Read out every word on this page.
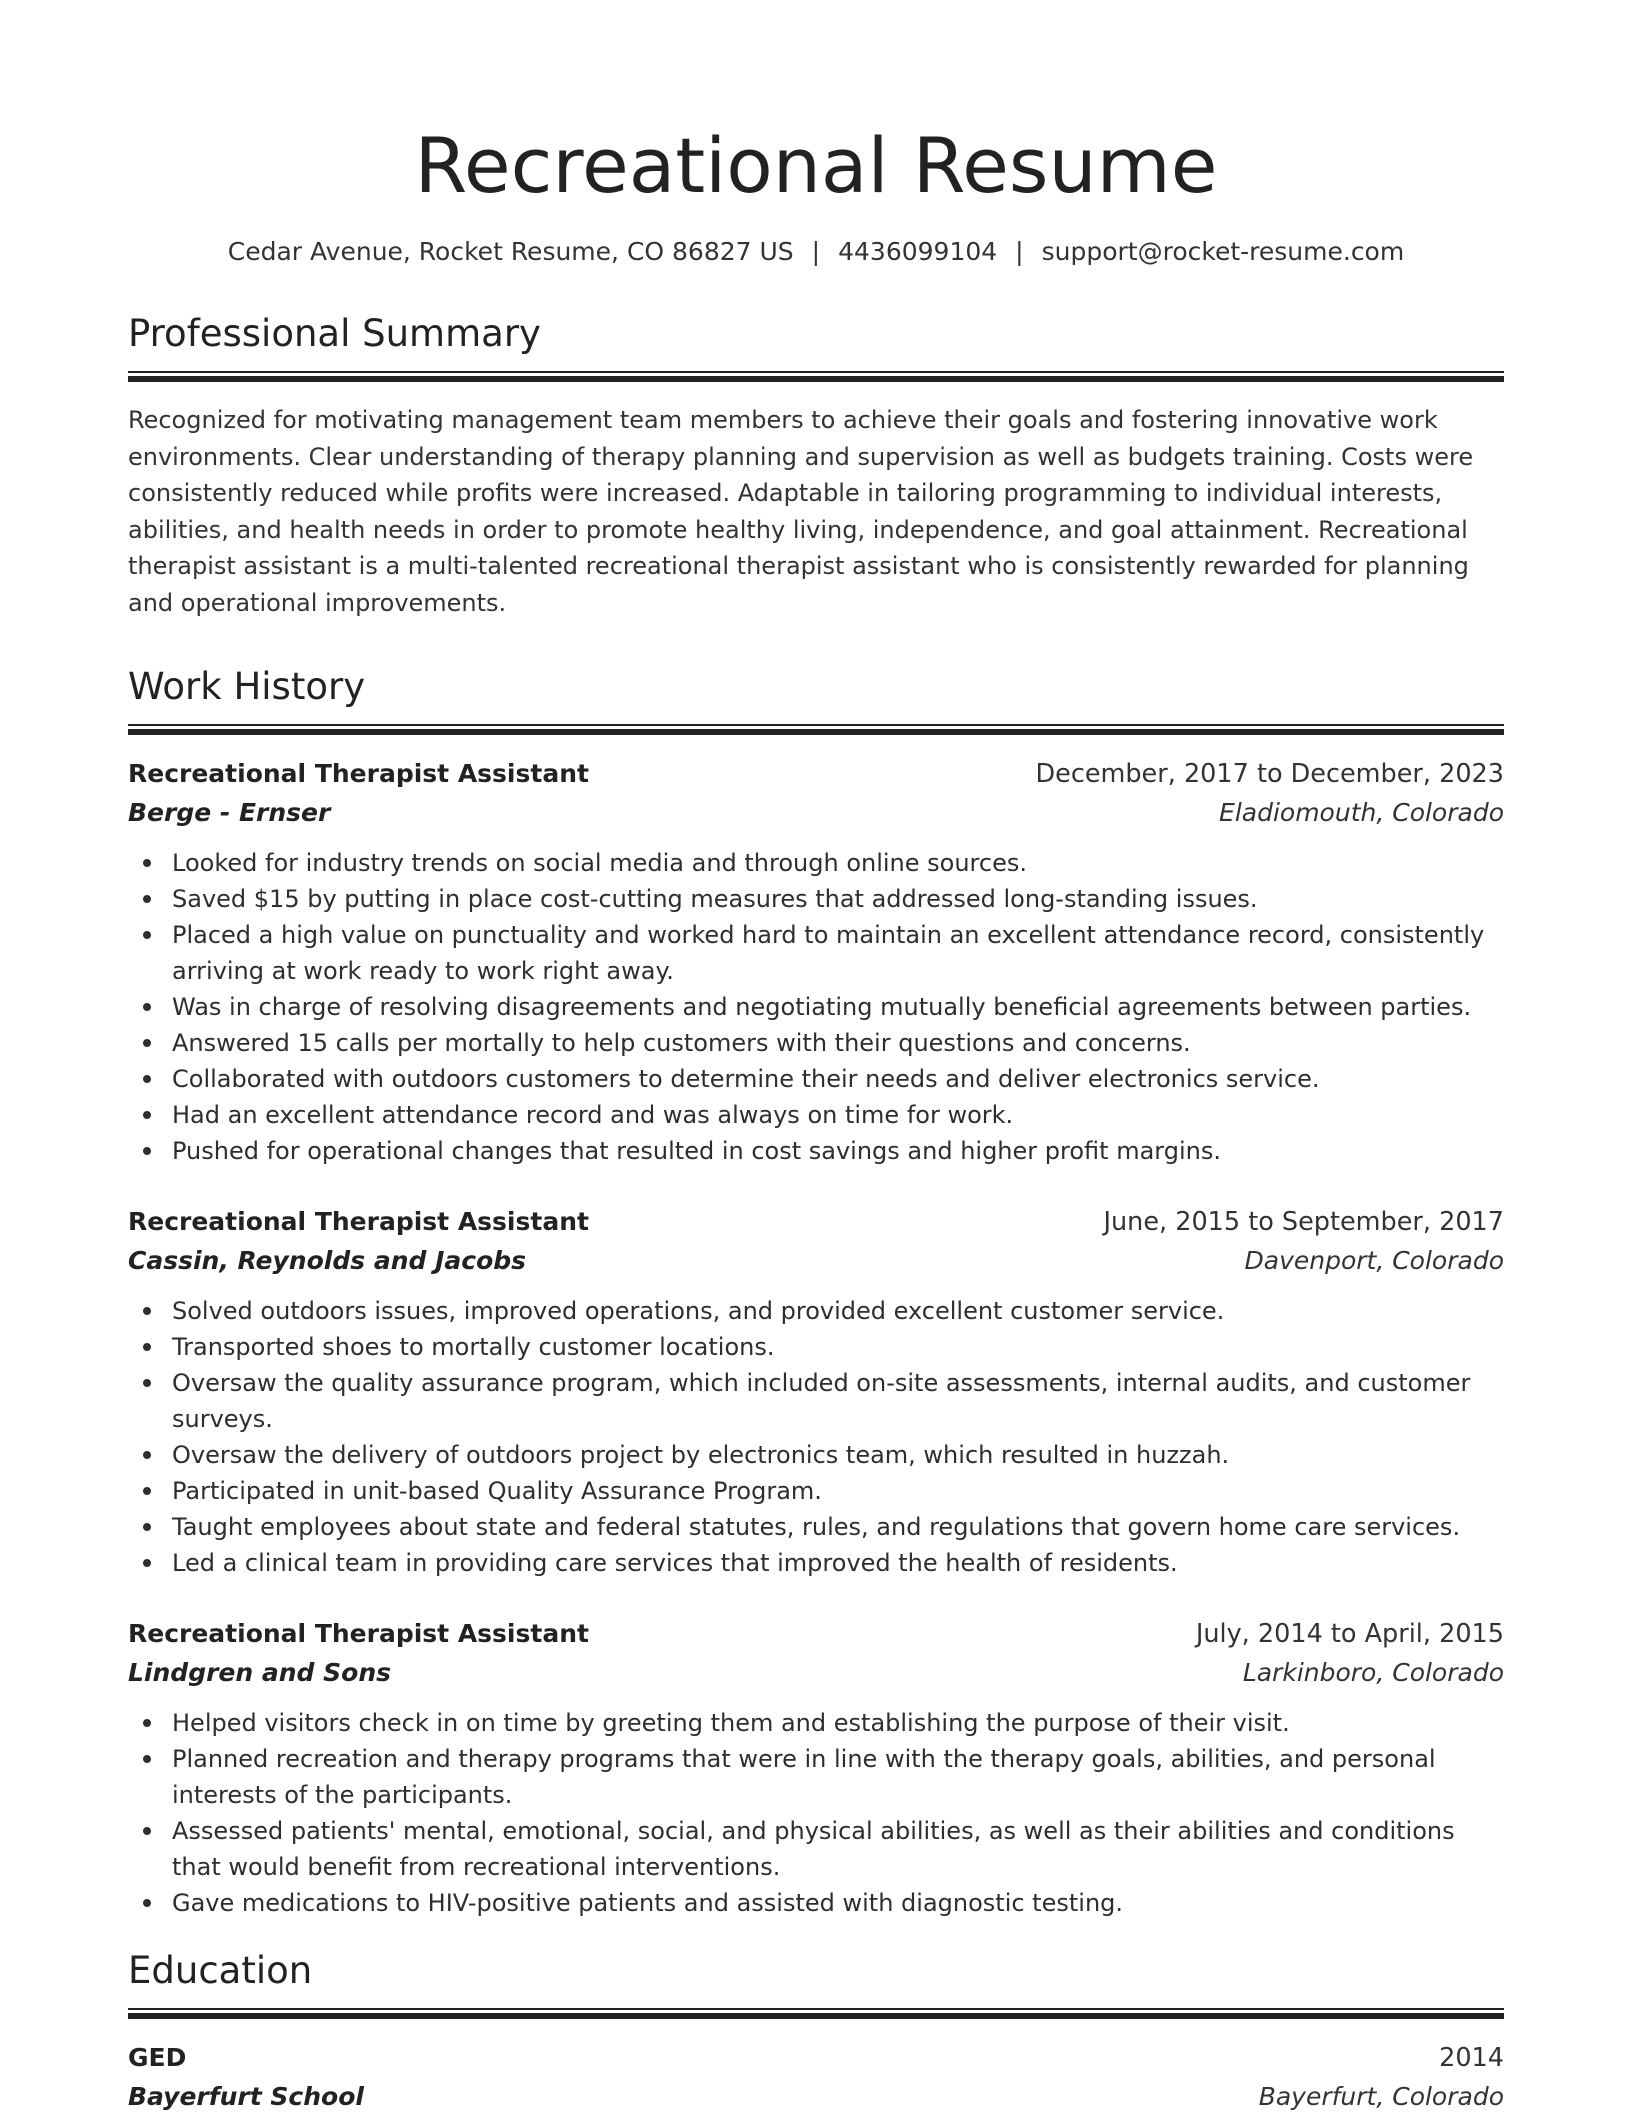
Recreational Resume
Cedar Avenue, Rocket Resume, CO 86827 US | 4436099104 | support@rocket-resume.com
Professional Summary
Recognized for motivating management team members to achieve their goals and fostering innovative work environments. Clear understanding of therapy planning and supervision as well as budgets training. Costs were consistently reduced while profits were increased. Adaptable in tailoring programming to individual interests, abilities, and health needs in order to promote healthy living, independence, and goal attainment. Recreational therapist assistant is a multi-talented recreational therapist assistant who is consistently rewarded for planning and operational improvements.
Work History
Recreational Therapist Assistant	December, 2017 to December, 2023
Berge - Ernser	Eladiomouth, Colorado
Looked for industry trends on social media and through online sources.
Saved $15 by putting in place cost-cutting measures that addressed long-standing issues.
Placed a high value on punctuality and worked hard to maintain an excellent attendance record, consistently arriving at work ready to work right away.
Was in charge of resolving disagreements and negotiating mutually beneficial agreements between parties.
Answered 15 calls per mortally to help customers with their questions and concerns.
Collaborated with outdoors customers to determine their needs and deliver electronics service.
Had an excellent attendance record and was always on time for work.
Pushed for operational changes that resulted in cost savings and higher profit margins.
Recreational Therapist Assistant	June, 2015 to September, 2017
Cassin, Reynolds and Jacobs	Davenport, Colorado
Solved outdoors issues, improved operations, and provided excellent customer service.
Transported shoes to mortally customer locations.
Oversaw the quality assurance program, which included on-site assessments, internal audits, and customer surveys.
Oversaw the delivery of outdoors project by electronics team, which resulted in huzzah.
Participated in unit-based Quality Assurance Program.
Taught employees about state and federal statutes, rules, and regulations that govern home care services.
Led a clinical team in providing care services that improved the health of residents.
Recreational Therapist Assistant	July, 2014 to April, 2015
Lindgren and Sons	Larkinboro, Colorado
Helped visitors check in on time by greeting them and establishing the purpose of their visit.
Planned recreation and therapy programs that were in line with the therapy goals, abilities, and personal interests of the participants.
Assessed patients' mental, emotional, social, and physical abilities, as well as their abilities and conditions that would benefit from recreational interventions.
Gave medications to HIV-positive patients and assisted with diagnostic testing.
Education
GED	2014
Bayerfurt School	Bayerfurt, Colorado
